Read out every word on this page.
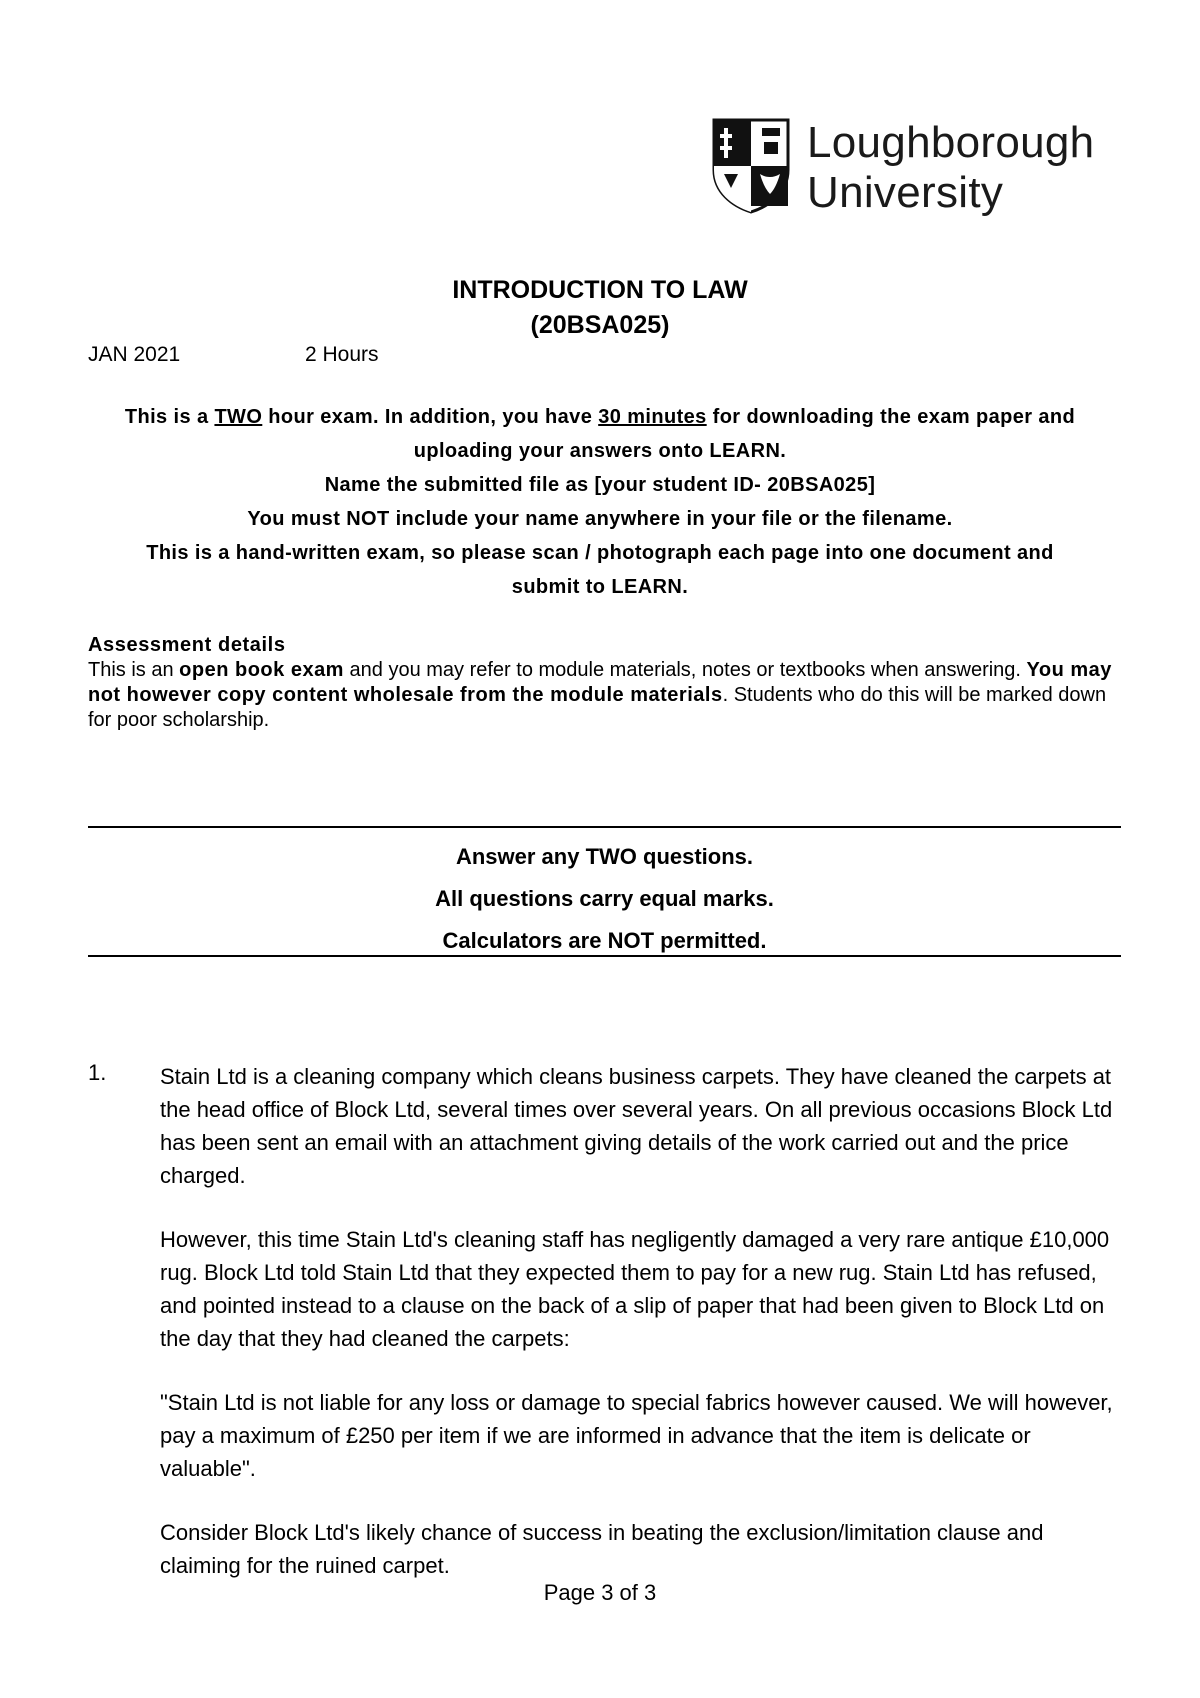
Loughborough
University
INTRODUCTION TO LAW
(20BSA025)
JAN 2021	2 Hours

This is a TWO hour exam. In addition, you have 30 minutes for downloading the exam paper and

uploading your answers onto LEARN.

Name the submitted file as [your student ID- 20BSA025]

You must NOT include your name anywhere in your file or the filename.

This is a hand-written exam, so please scan / photograph each page into one document and

submit to LEARN.

Assessment details
This is an open book exam and you may refer to module materials, notes or textbooks when answering. You may not however copy content wholesale from the module materials. Students who do this will be marked down for poor scholarship.

Answer any TWO questions.

All questions carry equal marks.

Calculators are NOT permitted.

1. Stain Ltd is a cleaning company which cleans business carpets. They have cleaned the carpets at the head office of Block Ltd, several times over several years. On all previous occasions Block Ltd has been sent an email with an attachment giving details of the work carried out and the price charged.

However, this time Stain Ltd's cleaning staff has negligently damaged a very rare antique £10,000 rug. Block Ltd told Stain Ltd that they expected them to pay for a new rug. Stain Ltd has refused, and pointed instead to a clause on the back of a slip of paper that had been given to Block Ltd on the day that they had cleaned the carpets:

"Stain Ltd is not liable for any loss or damage to special fabrics however caused. We will however, pay a maximum of £250 per item if we are informed in advance that the item is delicate or valuable".

Consider Block Ltd's likely chance of success in beating the exclusion/limitation clause and claiming for the ruined carpet.

Page 3 of 3
